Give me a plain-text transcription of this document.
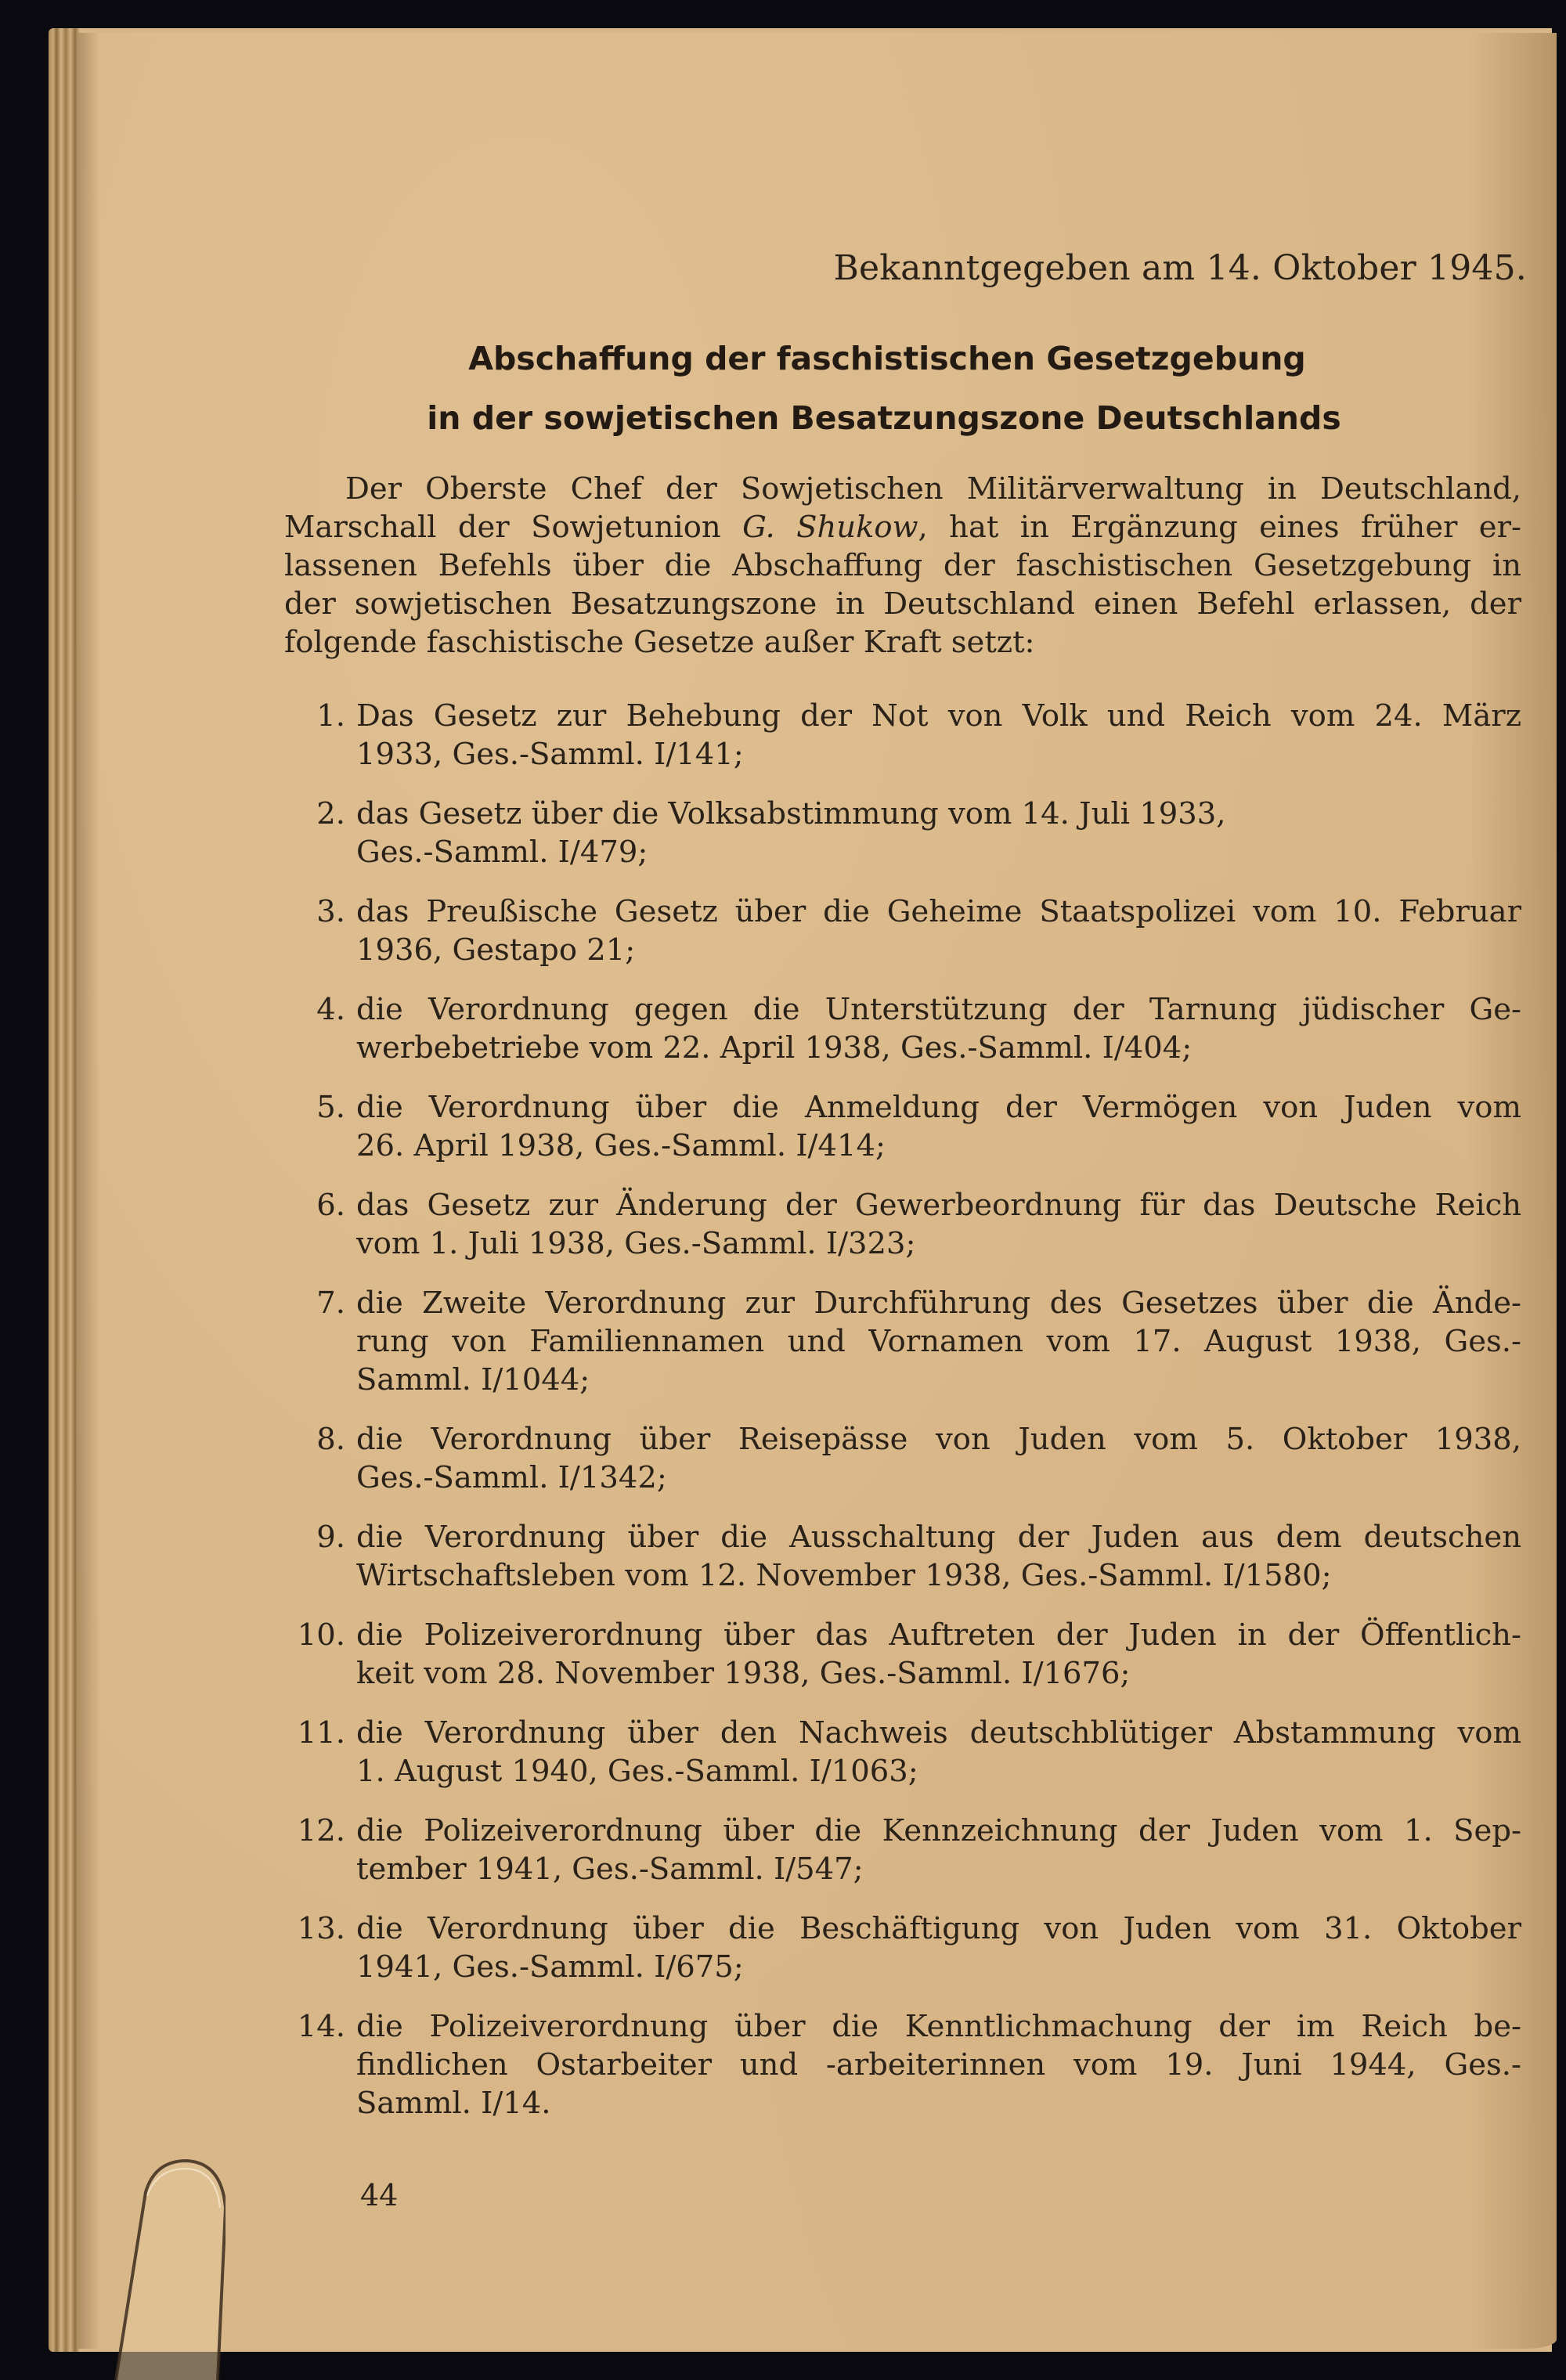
Bekanntgegeben am 14. Oktober 1945.
Abschaffung der faschistischen Gesetzgebung
in der sowjetischen Besatzungszone Deutschlands
Der Oberste Chef der Sowjetischen Militärverwaltung in Deutschland,
Marschall der Sowjetunion G. Shukow, hat in Ergänzung eines früher er-
lassenen Befehls über die Abschaffung der faschistischen Gesetzgebung in
der sowjetischen Besatzungszone in Deutschland einen Befehl erlassen, der
folgende faschistische Gesetze außer Kraft setzt:
1. Das Gesetz zur Behebung der Not von Volk und Reich vom 24. März
1933, Ges.-Samml. I/141;
2. das Gesetz über die Volksabstimmung vom 14. Juli 1933,
Ges.-Samml. I/479;
3. das Preußische Gesetz über die Geheime Staatspolizei vom 10. Februar
1936, Gestapo 21;
4. die Verordnung gegen die Unterstützung der Tarnung jüdischer Ge-
werbebetriebe vom 22. April 1938, Ges.-Samml. I/404;
5. die Verordnung über die Anmeldung der Vermögen von Juden vom
26. April 1938, Ges.-Samml. I/414;
6. das Gesetz zur Änderung der Gewerbeordnung für das Deutsche Reich
vom 1. Juli 1938, Ges.-Samml. I/323;
7. die Zweite Verordnung zur Durchführung des Gesetzes über die Ände-
rung von Familiennamen und Vornamen vom 17. August 1938, Ges.-
Samml. I/1044;
8. die Verordnung über Reisepässe von Juden vom 5. Oktober 1938,
Ges.-Samml. I/1342;
9. die Verordnung über die Ausschaltung der Juden aus dem deutschen
Wirtschaftsleben vom 12. November 1938, Ges.-Samml. I/1580;
10. die Polizeiverordnung über das Auftreten der Juden in der Öffentlich-
keit vom 28. November 1938, Ges.-Samml. I/1676;
11. die Verordnung über den Nachweis deutschblütiger Abstammung vom
1. August 1940, Ges.-Samml. I/1063;
12. die Polizeiverordnung über die Kennzeichnung der Juden vom 1. Sep-
tember 1941, Ges.-Samml. I/547;
13. die Verordnung über die Beschäftigung von Juden vom 31. Oktober
1941, Ges.-Samml. I/675;
14. die Polizeiverordnung über die Kenntlichmachung der im Reich be-
findlichen Ostarbeiter und -arbeiterinnen vom 19. Juni 1944, Ges.-
Samml. I/14.
44
